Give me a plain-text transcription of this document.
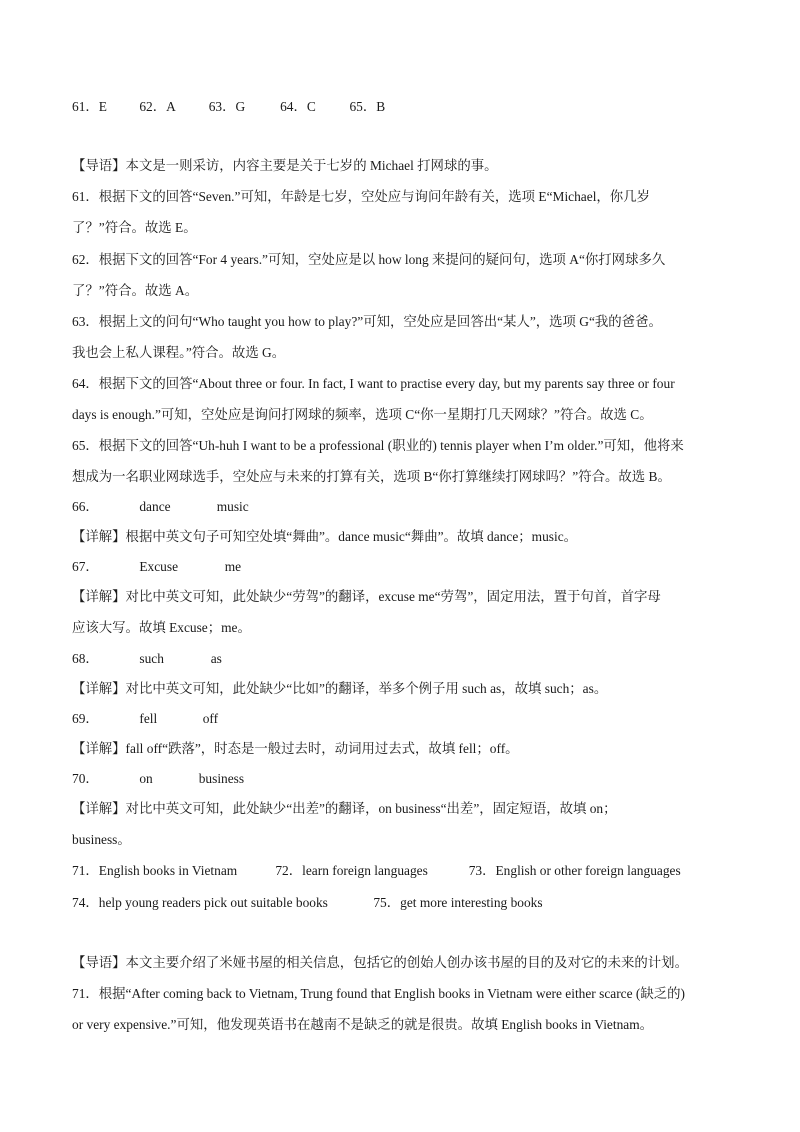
61．E 62．A 63．G	64．C	65．B
【导语】本文是一则采访，内容主要是关于七岁的 Michael 打网球的事。
61．根据下文的回答“Seven.”可知，年龄是七岁，空处应与询问年龄有关，选项 E“Michael，你几岁
了？”符合。故选 E。
62．根据下文的回答“For 4 years.”可知，空处应是以 how long 来提问的疑问句，选项 A“你打网球多久
了？”符合。故选 A。
63．根据上文的问句“Who taught you how to play?”可知，空处应是回答出“某人”，选项 G“我的爸爸。
我也会上私人课程。”符合。故选 G。
64．根据下文的回答“About three or four. In fact, I want to practise every day, but my parents say three or four
days is enough.”可知，空处应是询问打网球的频率，选项 C“你一星期打几天网球？”符合。故选 C。
65．根据下文的回答“Uh-huh I want to be a professional (职业的) tennis player when I’m older.”可知，他将来
想成为一名职业网球选手，空处应与未来的打算有关，选项 B“你打算继续打网球吗？”符合。故选 B。
66．	dance	music
【详解】根据中英文句子可知空处填“舞曲”。dance music“舞曲”。故填 dance；music。
67．	Excuse	me
【详解】对比中英文可知，此处缺少“劳驾”的翻译，excuse me“劳驾”，固定用法，置于句首，首字母
应该大写。故填 Excuse；me。
68．	such	as
【详解】对比中英文可知，此处缺少“比如”的翻译，举多个例子用 such as，故填 such；as。
69．	fell	off
【详解】fall off“跌落”，时态是一般过去时，动词用过去式，故填 fell；off。
70．	on	business
【详解】对比中英文可知，此处缺少“出差”的翻译，on business“出差”，固定短语，故填 on；
business。
71．English books in Vietnam	72．learn foreign languages	73．English or other foreign languages
74．help young readers pick out suitable books	75．get more interesting books
【导语】本文主要介绍了米娅书屋的相关信息，包括它的创始人创办该书屋的目的及对它的未来的计划。
71．根据“After coming back to Vietnam, Trung found that English books in Vietnam were either scarce (缺乏的)
or very expensive.”可知，他发现英语书在越南不是缺乏的就是很贵。故填 English books in Vietnam。
